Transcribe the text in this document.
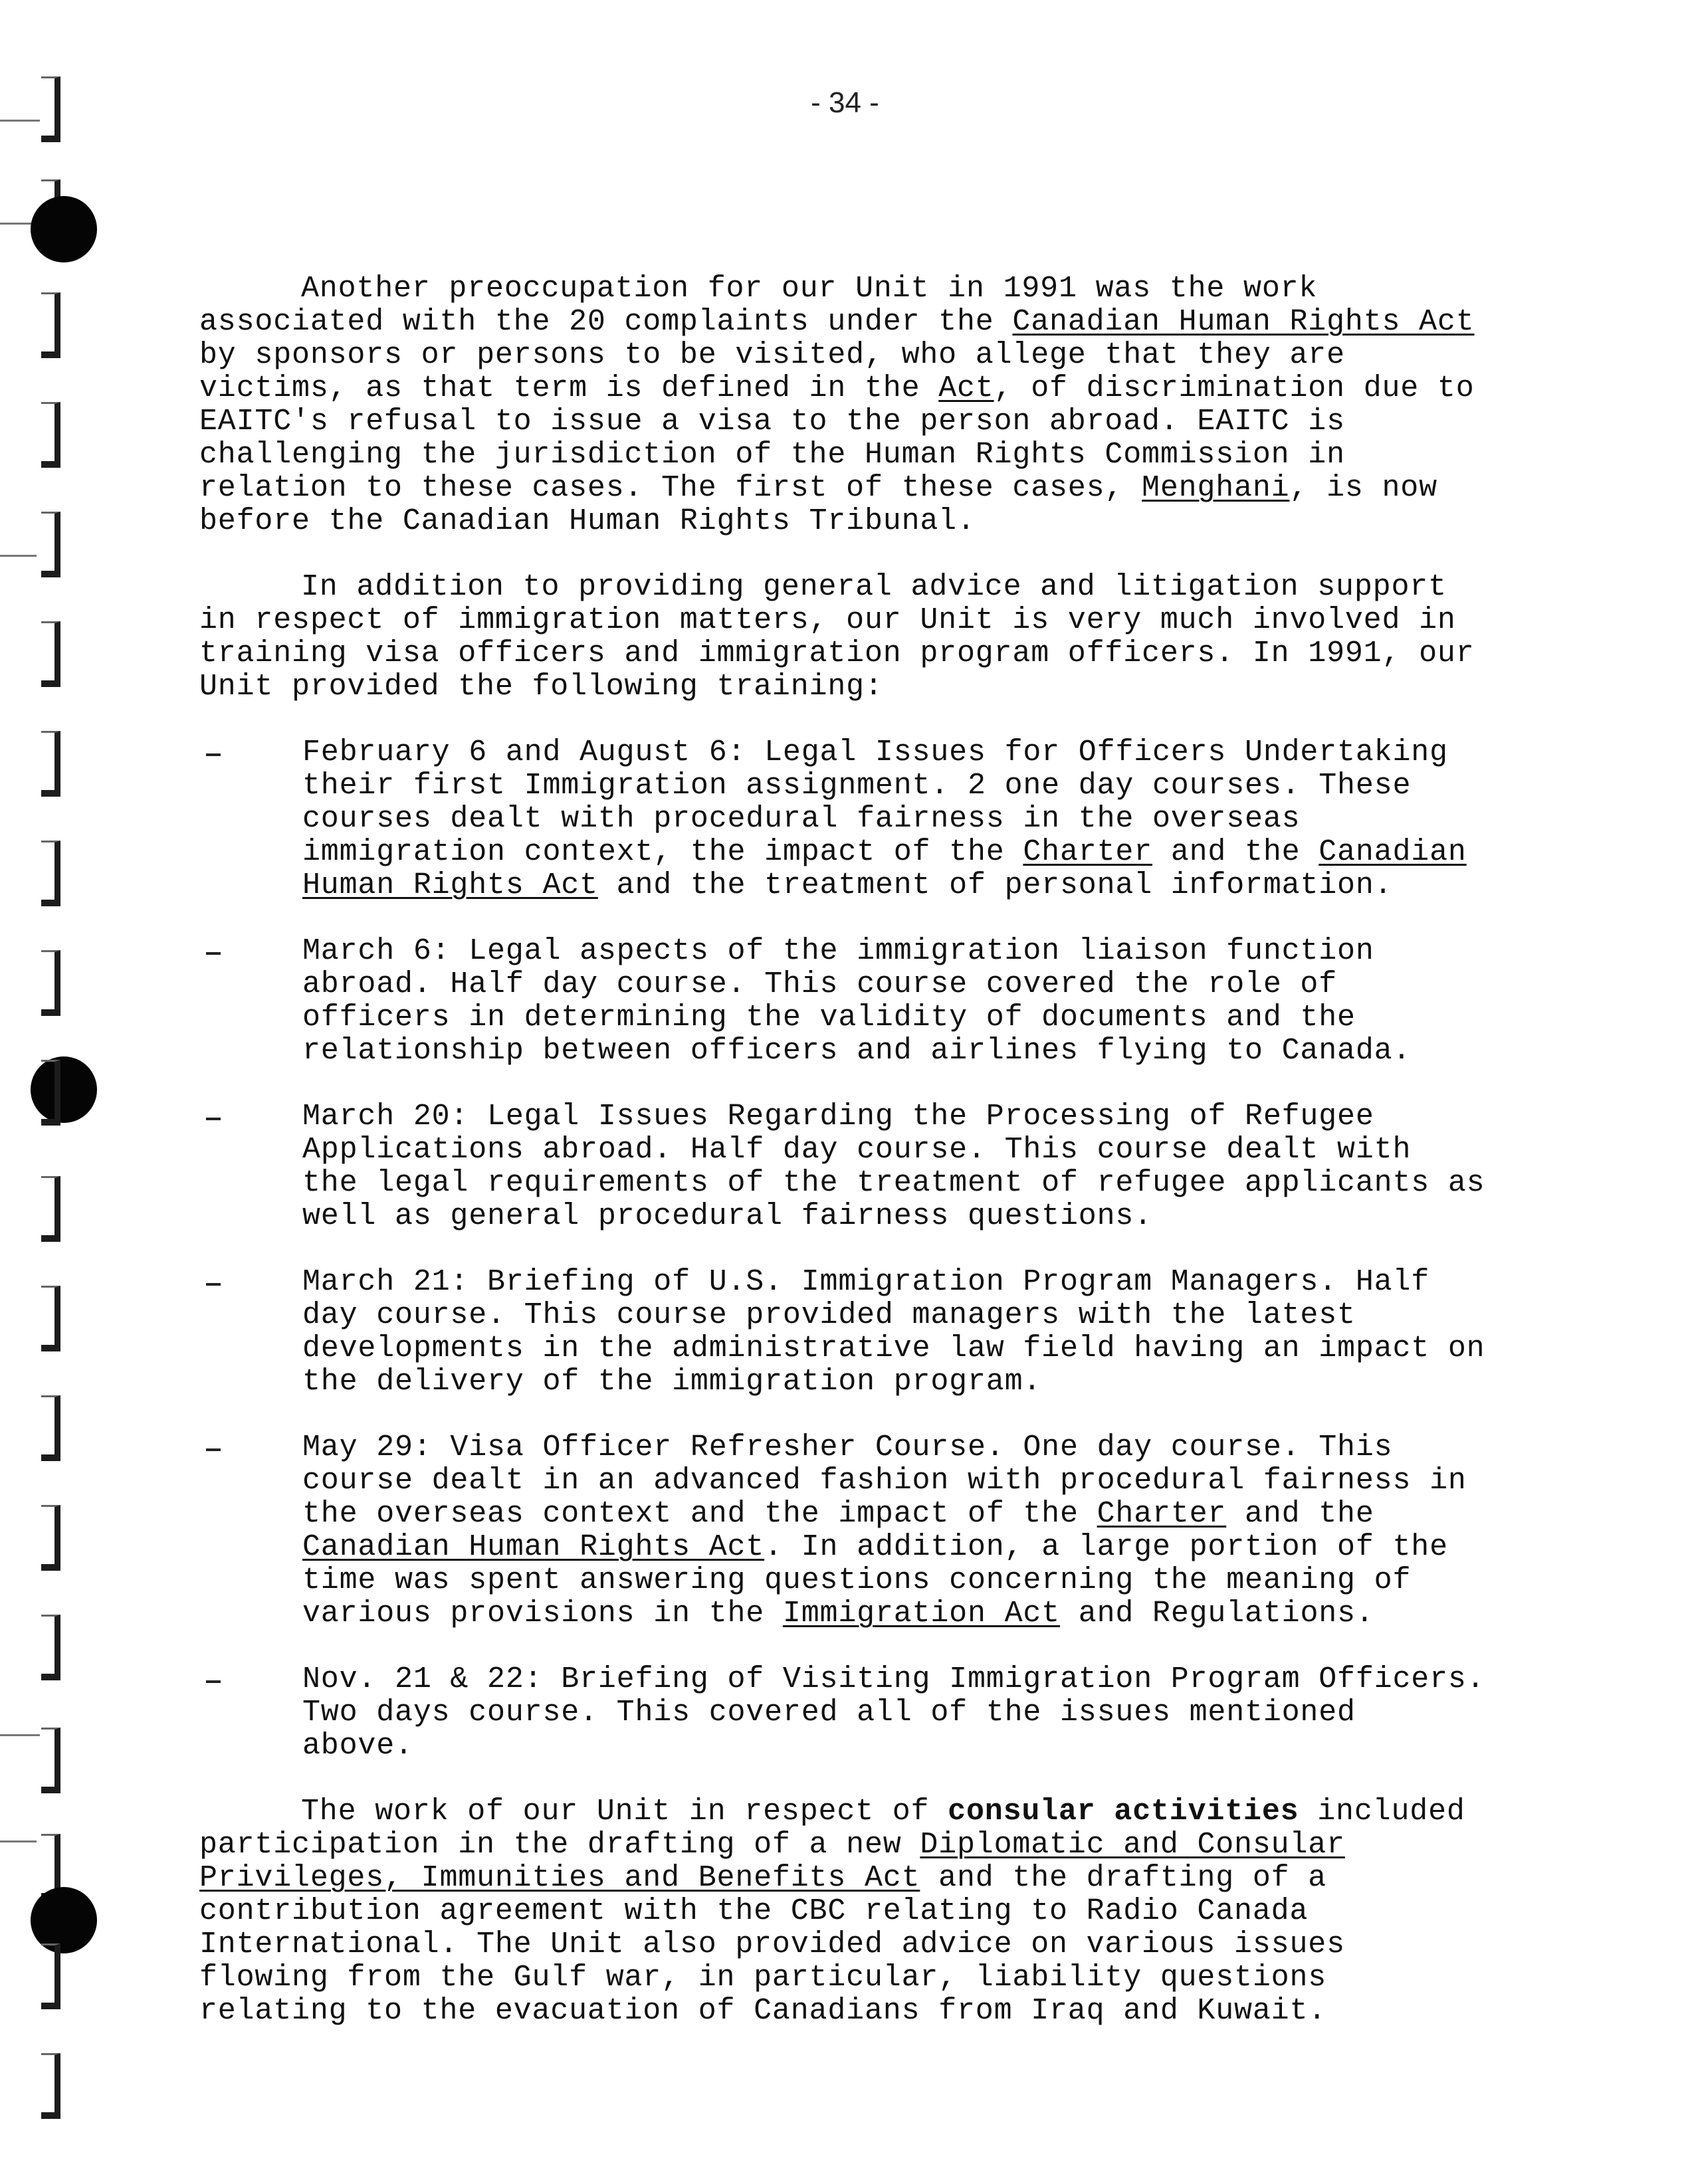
- 34 -
Another preoccupation for our Unit in 1991 was the work
associated with the 20 complaints under the Canadian Human Rights Act
by sponsors or persons to be visited, who allege that they are
victims, as that term is defined in the Act, of discrimination due to
EAITC's refusal to issue a visa to the person abroad. EAITC is
challenging the jurisdiction of the Human Rights Commission in
relation to these cases. The first of these cases, Menghani, is now
before the Canadian Human Rights Tribunal.
In addition to providing general advice and litigation support
in respect of immigration matters, our Unit is very much involved in
training visa officers and immigration program officers. In 1991, our
Unit provided the following training:
February 6 and August 6: Legal Issues for Officers Undertaking
their first Immigration assignment. 2 one day courses. These
courses dealt with procedural fairness in the overseas
immigration context, the impact of the Charter and the Canadian
Human Rights Act and the treatment of personal information.
March 6: Legal aspects of the immigration liaison function
abroad. Half day course. This course covered the role of
officers in determining the validity of documents and the
relationship between officers and airlines flying to Canada.
March 20: Legal Issues Regarding the Processing of Refugee
Applications abroad. Half day course. This course dealt with
the legal requirements of the treatment of refugee applicants as
well as general procedural fairness questions.
March 21: Briefing of U.S. Immigration Program Managers. Half
day course. This course provided managers with the latest
developments in the administrative law field having an impact on
the delivery of the immigration program.
May 29: Visa Officer Refresher Course. One day course. This
course dealt in an advanced fashion with procedural fairness in
the overseas context and the impact of the Charter and the
Canadian Human Rights Act. In addition, a large portion of the
time was spent answering questions concerning the meaning of
various provisions in the Immigration Act and Regulations.
Nov. 21 & 22: Briefing of Visiting Immigration Program Officers.
Two days course. This covered all of the issues mentioned
above.
The work of our Unit in respect of consular activities included
participation in the drafting of a new Diplomatic and Consular
Privileges, Immunities and Benefits Act and the drafting of a
contribution agreement with the CBC relating to Radio Canada
International. The Unit also provided advice on various issues
flowing from the Gulf war, in particular, liability questions
relating to the evacuation of Canadians from Iraq and Kuwait.
